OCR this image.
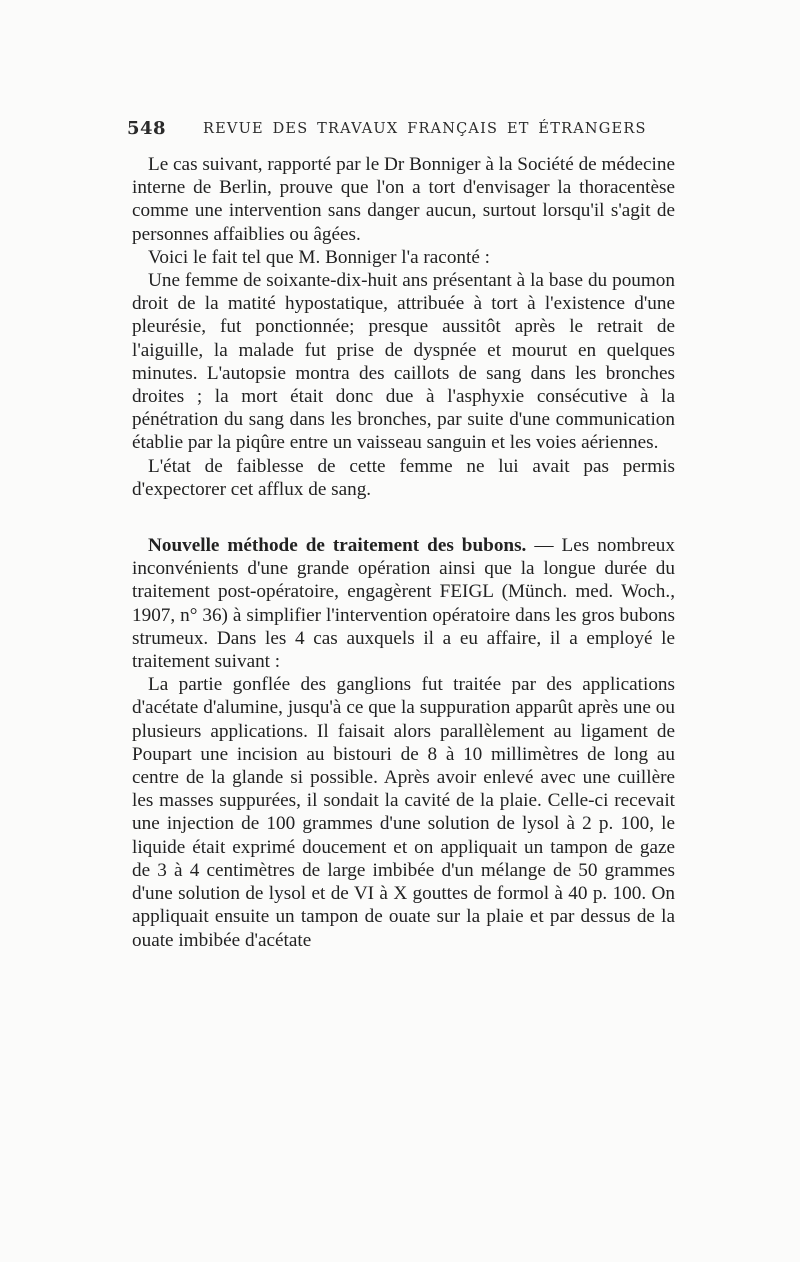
548	REVUE DES TRAVAUX FRANÇAIS ET ÉTRANGERS

Le cas suivant, rapporté par le Dr Bonniger à la Société de médecine interne de Berlin, prouve que l'on a tort d'envisager la thoracentèse comme une intervention sans danger aucun, surtout lorsqu'il s'agit de personnes affaiblies ou âgées.

Voici le fait tel que M. Bonniger l'a raconté :

Une femme de soixante-dix-huit ans présentant à la base du poumon droit de la matité hypostatique, attribuée à tort à l'existence d'une pleurésie, fut ponctionnée; presque aussitôt après le retrait de l'aiguille, la malade fut prise de dyspnée et mourut en quelques minutes. L'autopsie montra des caillots de sang dans les bronches droites ; la mort était donc due à l'asphyxie consécutive à la pénétration du sang dans les bronches, par suite d'une communication établie par la piqûre entre un vaisseau sanguin et les voies aériennes.

L'état de faiblesse de cette femme ne lui avait pas permis d'expectorer cet afflux de sang.

Nouvelle méthode de traitement des bubons. — Les nombreux inconvénients d'une grande opération ainsi que la longue durée du traitement post-opératoire, engagèrent FEIGL (Münch. med. Woch., 1907, n° 36) à simplifier l'intervention opératoire dans les gros bubons strumeux. Dans les 4 cas auxquels il a eu affaire, il a employé le traitement suivant :

La partie gonflée des ganglions fut traitée par des applications d'acétate d'alumine, jusqu'à ce que la suppuration apparût après une ou plusieurs applications. Il faisait alors parallèlement au ligament de Poupart une incision au bistouri de 8 à 10 millimètres de long au centre de la glande si possible. Après avoir enlevé avec une cuillère les masses suppurées, il sondait la cavité de la plaie. Celle-ci recevait une injection de 100 grammes d'une solution de lysol à 2 p. 100, le liquide était exprimé doucement et on appliquait un tampon de gaze de 3 à 4 centimètres de large imbibée d'un mélange de 50 grammes d'une solution de lysol et de VI à X gouttes de formol à 40 p. 100. On appliquait ensuite un tampon de ouate sur la plaie et par dessus de la ouate imbibée d'acétate
